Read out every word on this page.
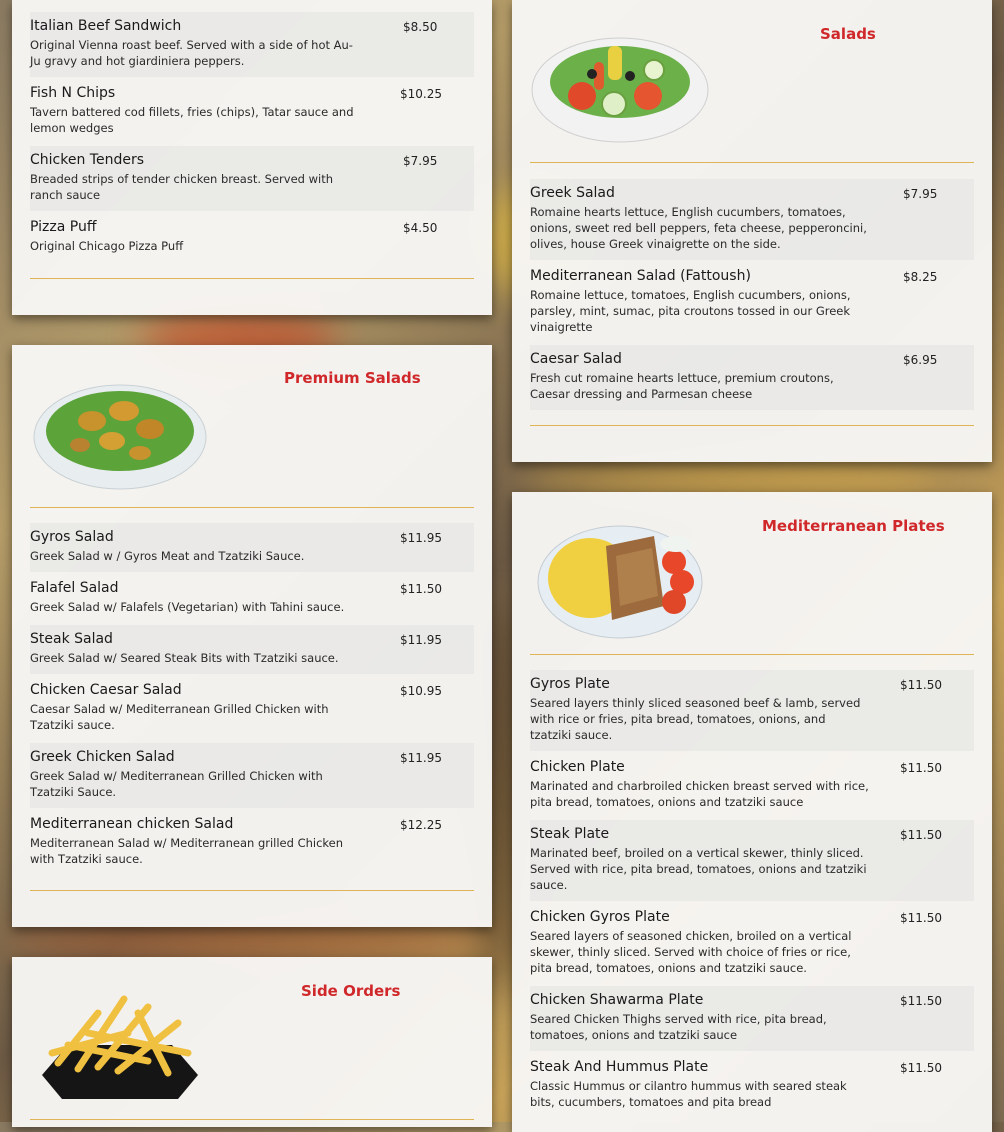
Italian Beef Sandwich	$8.50
Original Vienna roast beef. Served with a side of hot Au-Ju gravy and hot giardiniera peppers.
Fish N Chips	$10.25
Tavern battered cod fillets, fries (chips), Tatar sauce and lemon wedges
Chicken Tenders	$7.95
Breaded strips of tender chicken breast. Served with ranch sauce
Pizza Puff	$4.50
Original Chicago Pizza Puff
Premium Salads
Gyros Salad	$11.95
Greek Salad w / Gyros Meat and Tzatziki Sauce.
Falafel Salad	$11.50
Greek Salad w/ Falafels (Vegetarian) with Tahini sauce.
Steak Salad	$11.95
Greek Salad w/ Seared Steak Bits with Tzatziki sauce.
Chicken Caesar Salad	$10.95
Caesar Salad w/ Mediterranean Grilled Chicken with Tzatziki sauce.
Greek Chicken Salad	$11.95
Greek Salad w/ Mediterranean Grilled Chicken with Tzatziki Sauce.
Mediterranean chicken Salad	$12.25
Mediterranean Salad w/ Mediterranean grilled Chicken with Tzatziki sauce.
Side Orders
Salads
Greek Salad	$7.95
Romaine hearts lettuce, English cucumbers, tomatoes, onions, sweet red bell peppers, feta cheese, pepperoncini, olives, house Greek vinaigrette on the side.
Mediterranean Salad (Fattoush)	$8.25
Romaine lettuce, tomatoes, English cucumbers, onions, parsley, mint, sumac, pita croutons tossed in our Greek vinaigrette
Caesar Salad	$6.95
Fresh cut romaine hearts lettuce, premium croutons, Caesar dressing and Parmesan cheese
Mediterranean Plates
Gyros Plate	$11.50
Seared layers thinly sliced seasoned beef & lamb, served with rice or fries, pita bread, tomatoes, onions, and tzatziki sauce.
Chicken Plate	$11.50
Marinated and charbroiled chicken breast served with rice, pita bread, tomatoes, onions and tzatziki sauce
Steak Plate	$11.50
Marinated beef, broiled on a vertical skewer, thinly sliced. Served with rice, pita bread, tomatoes, onions and tzatziki sauce.
Chicken Gyros Plate	$11.50
Seared layers of seasoned chicken, broiled on a vertical skewer, thinly sliced. Served with choice of fries or rice, pita bread, tomatoes, onions and tzatziki sauce.
Chicken Shawarma Plate	$11.50
Seared Chicken Thighs served with rice, pita bread, tomatoes, onions and tzatziki sauce
Steak And Hummus Plate	$11.50
Classic Hummus or cilantro hummus with seared steak bits, cucumbers, tomatoes and pita bread
